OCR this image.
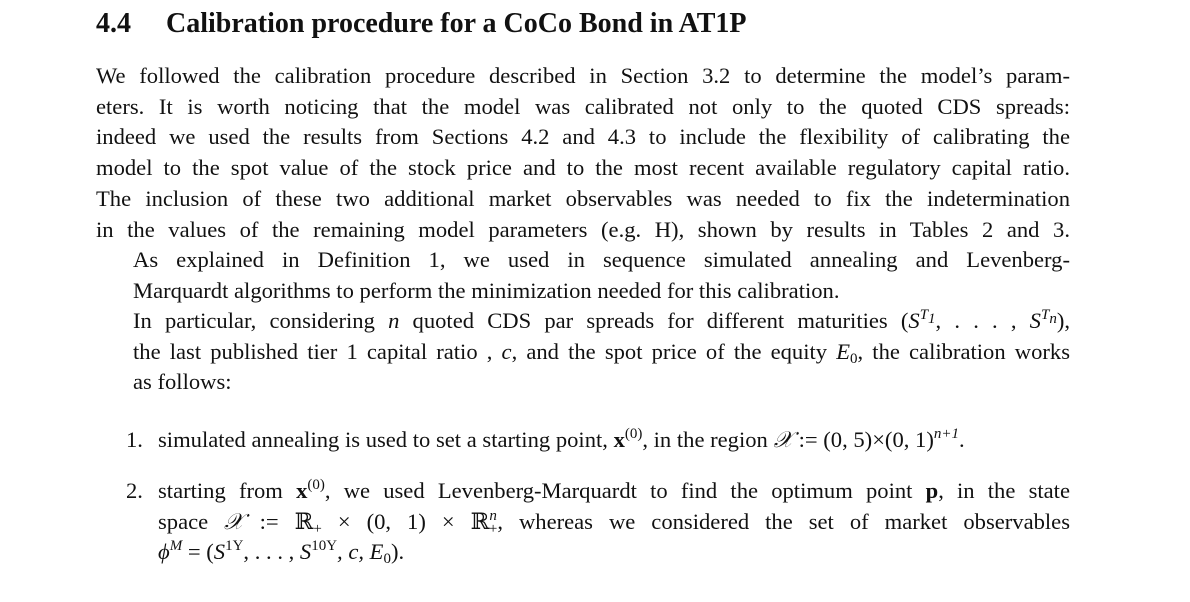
4.4 Calibration procedure for a CoCo Bond in AT1P
We followed the calibration procedure described in Section 3.2 to determine the model’s param-
eters. It is worth noticing that the model was calibrated not only to the quoted CDS spreads:
indeed we used the results from Sections 4.2 and 4.3 to include the flexibility of calibrating the
model to the spot value of the stock price and to the most recent available regulatory capital ratio.
The inclusion of these two additional market observables was needed to fix the indetermination
in the values of the remaining model parameters (e.g. H), shown by results in Tables 2 and 3.
As explained in Definition 1, we used in sequence simulated annealing and Levenberg-
Marquardt algorithms to perform the minimization needed for this calibration.
In particular, considering n quoted CDS par spreads for different maturities ($S^{T_1}$, . . . , $S^{T_n}$),
the last published tier 1 capital ratio , c, and the spot price of the equity $E_0$, the calibration works
as follows:
1. simulated annealing is used to set a starting point, $x^{(0)}$, in the region 𝒳 := (0, 5)×(0, 1)$^{n+1}$.
2. starting from $x^{(0)}$, we used Levenberg-Marquardt to find the optimum point p, in the state
space 𝒳 := ℝ$_+$ × (0, 1) × ℝ$^n_+$, whereas we considered the set of market observables
$\phi^M = (S^{1Y}$, . . . , $S^{10Y}$, c, $E_0$).
